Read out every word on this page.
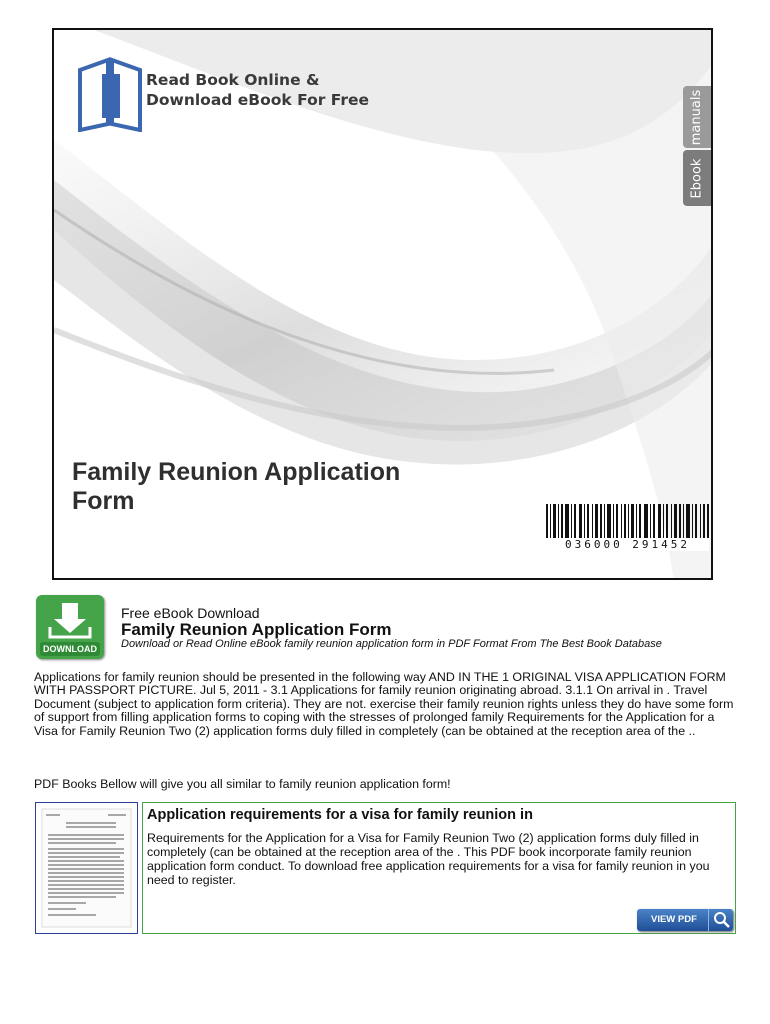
Read Book Online &
Download eBook For Free	manuals
Ebook
Family Reunion Application
Form
036000 291452
DOWNLOAD
Free eBook Download
Family Reunion Application Form
Download or Read Online eBook family reunion application form in PDF Format From The Best Book Database
Applications for family reunion should be presented in the following way AND IN THE 1 ORIGINAL VISA APPLICATION FORM WITH PASSPORT PICTURE. Jul 5, 2011 - 3.1 Applications for family reunion originating abroad. 3.1.1 On arrival in . Travel Document (subject to application form criteria). They are not. exercise their family reunion rights unless they do have some form of support from filling application forms to coping with the stresses of prolonged family Requirements for the Application for a Visa for Family Reunion Two (2) application forms duly filled in completely (can be obtained at the reception area of the ..
PDF Books Bellow will give you all similar to family reunion application form!
Application requirements for a visa for family reunion in
Requirements for the Application for a Visa for Family Reunion Two (2) application forms duly filled in completely (can be obtained at the reception area of the . This PDF book incorporate family reunion application form conduct. To download free application requirements for a visa for family reunion in you need to register.
VIEW PDF
